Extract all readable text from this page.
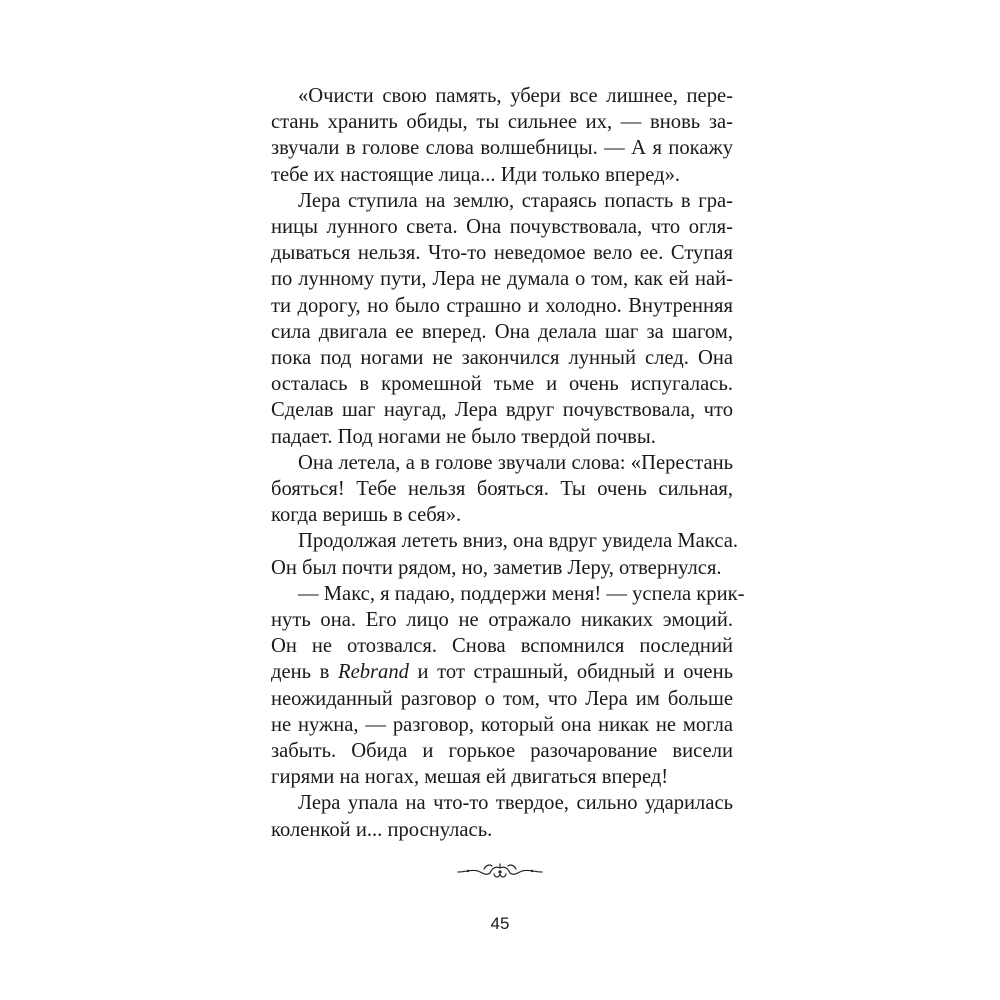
«Очисти свою память, убери все лишнее, пере-
стань хранить обиды, ты сильнее их, — вновь за-
звучали в голове слова волшебницы. — А я покажу
тебе их настоящие лица... Иди только вперед».
Лера ступила на землю, стараясь попасть в гра-
ницы лунного света. Она почувствовала, что огля-
дываться нельзя. Что-то неведомое вело ее. Ступая
по лунному пути, Лера не думала о том, как ей най-
ти дорогу, но было страшно и холодно. Внутренняя
сила двигала ее вперед. Она делала шаг за шагом,
пока под ногами не закончился лунный след. Она
осталась в кромешной тьме и очень испугалась.
Сделав шаг наугад, Лера вдруг почувствовала, что
падает. Под ногами не было твердой почвы.
Она летела, а в голове звучали слова: «Перестань
бояться! Тебе нельзя бояться. Ты очень сильная,
когда веришь в себя».
Продолжая лететь вниз, она вдруг увидела Макса.
Он был почти рядом, но, заметив Леру, отвернулся.
— Макс, я падаю, поддержи меня! — успела крик-
нуть она. Его лицо не отражало никаких эмоций.
Он не отозвался. Снова вспомнился последний
день в Rebrand и тот страшный, обидный и очень
неожиданный разговор о том, что Лера им больше
не нужна, — разговор, который она никак не могла
забыть. Обида и горькое разочарование висели
гирями на ногах, мешая ей двигаться вперед!
Лера упала на что-то твердое, сильно ударилась
коленкой и... проснулась.
45
